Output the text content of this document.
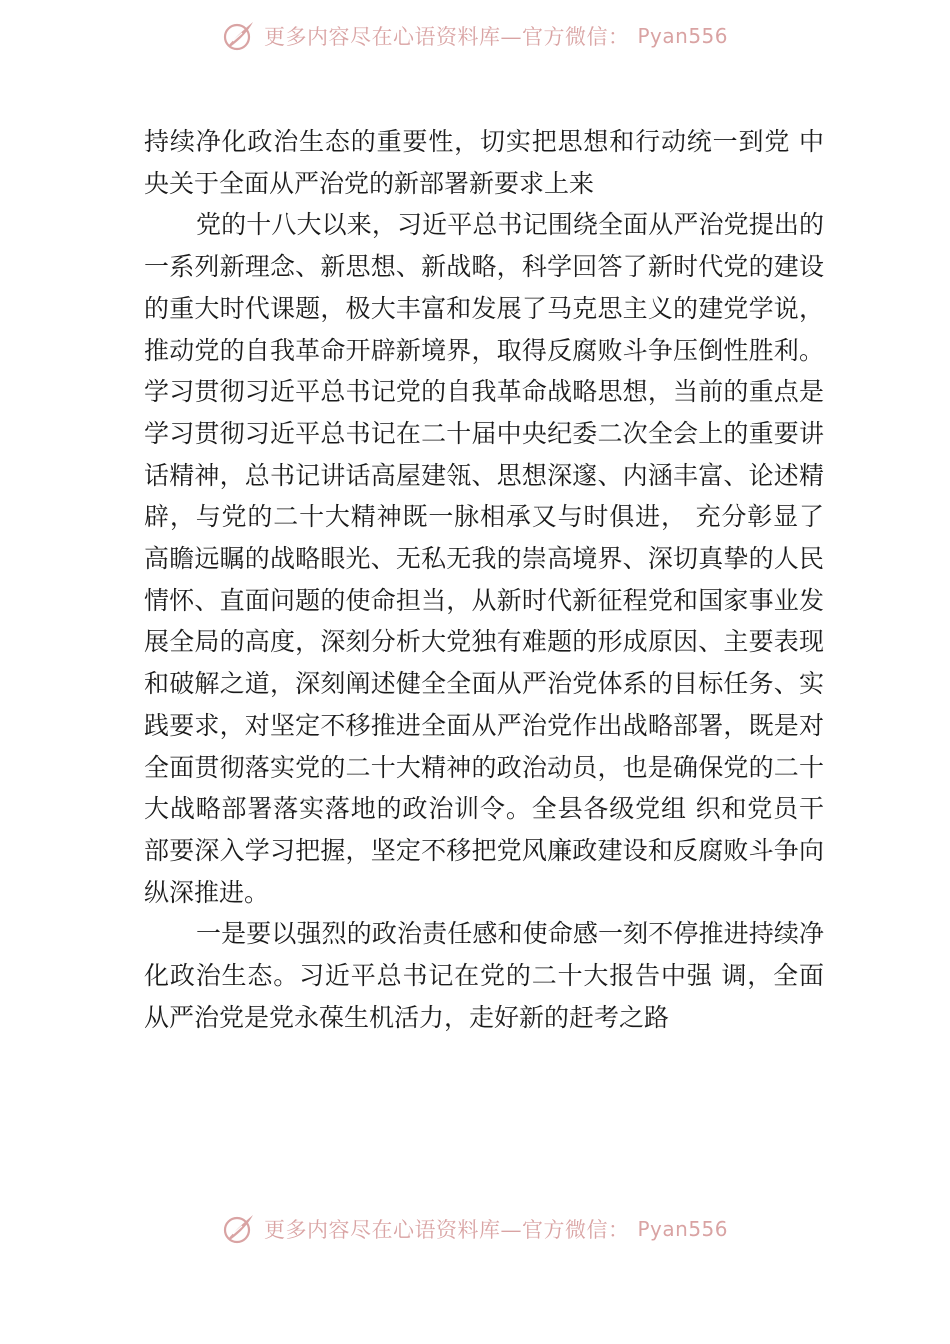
更多内容尽在心语资料库—官方微信： Pyan556

持续净化政治生态的重要性，切实把思想和行动统一到党 中央关于全面从严治党的新部署新要求上来

党的十八大以来，习近平总书记围绕全面从严治党提出的一系列新理念、新思想、新战略，科学回答了新时代党的建设的重大时代课题，极大丰富和发展了马克思主义的建党学说，推动党的自我革命开辟新境界，取得反腐败斗争压倒性胜利。学习贯彻习近平总书记党的自我革命战略思想，当前的重点是学习贯彻习近平总书记在二十届中央纪委二次全会上的重要讲话精神，总书记讲话高屋建瓴、思想深邃、内涵丰富、论述精辟，与党的二十大精神既一脉相承又与时俱进， 充分彰显了高瞻远瞩的战略眼光、无私无我的崇高境界、深切真挚的人民情怀、直面问题的使命担当，从新时代新征程党和国家事业发展全局的高度，深刻分析大党独有难题的形成原因、主要表现和破解之道，深刻阐述健全全面从严治党体系的目标任务、实践要求，对坚定不移推进全面从严治党作出战略部署，既是对全面贯彻落实党的二十大精神的政治动员，也是确保党的二十大战略部署落实落地的政治训令。全县各级党组 织和党员干部要深入学习把握，坚定不移把党风廉政建设和反腐败斗争向纵深推进。

一是要以强烈的政治责任感和使命感一刻不停推进持续净化政治生态。习近平总书记在党的二十大报告中强 调，全面从严治党是党永葆生机活力，走好新的赶考之路

更多内容尽在心语资料库—官方微信： Pyan556
